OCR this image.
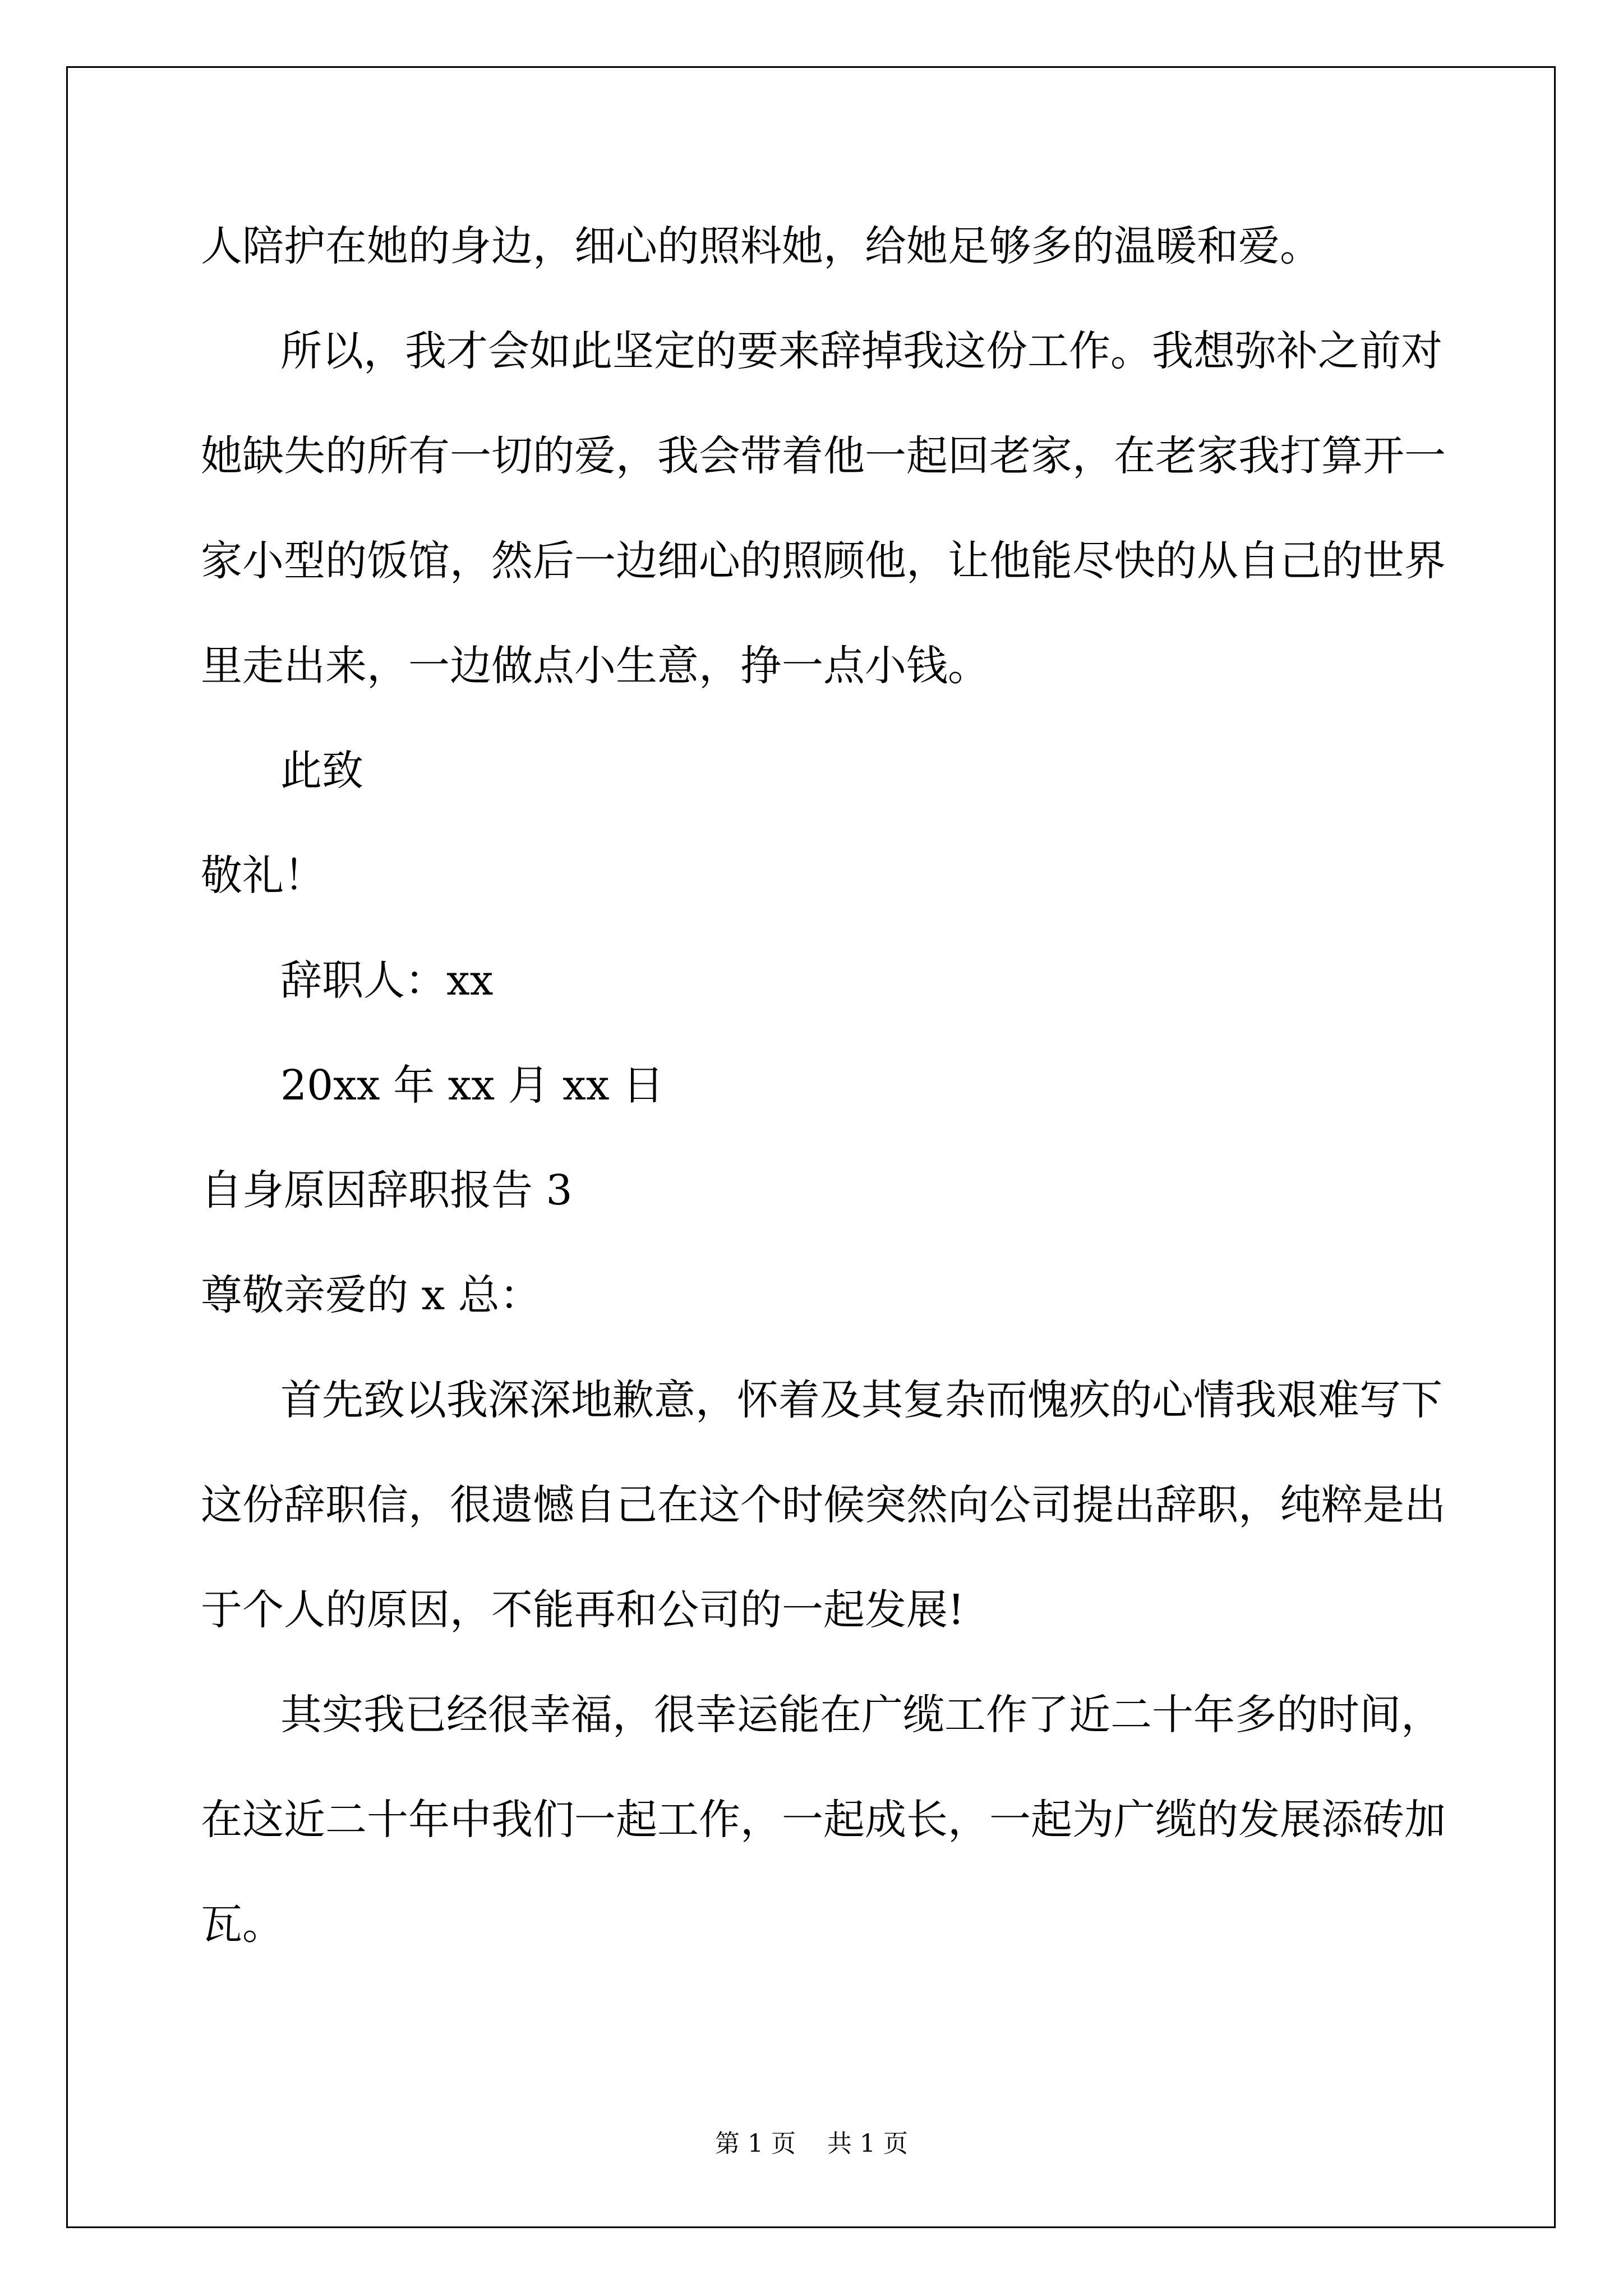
人陪护在她的身边，细心的照料她，给她足够多的温暖和爱。
所以，我才会如此坚定的要来辞掉我这份工作。我想弥补之前对
她缺失的所有一切的爱，我会带着他一起回老家，在老家我打算开一
家小型的饭馆，然后一边细心的照顾他，让他能尽快的从自己的世界
里走出来，一边做点小生意，挣一点小钱。
此致
敬礼！
辞职人：xx
20xx 年 xx 月 xx 日
自身原因辞职报告 3
尊敬亲爱的 x 总：
首先致以我深深地歉意，怀着及其复杂而愧疚的心情我艰难写下
这份辞职信，很遗憾自己在这个时候突然向公司提出辞职，纯粹是出
于个人的原因，不能再和公司的一起发展!
其实我已经很幸福，很幸运能在广缆工作了近二十年多的时间，
在这近二十年中我们一起工作，一起成长，一起为广缆的发展添砖加
瓦。
第 1 页 共 1 页
